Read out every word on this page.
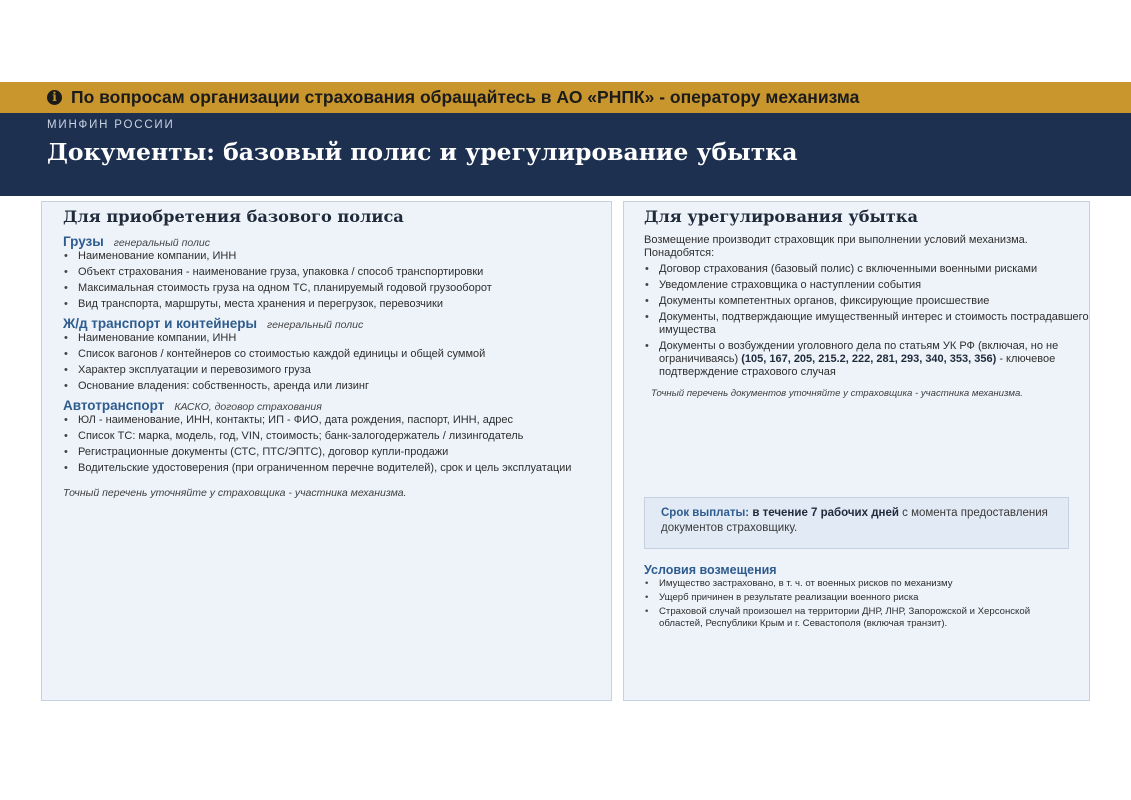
i По вопросам организации страхования обращайтесь в АО «РНПК» - оператору механизма
МИНФИН РОССИИ
Документы: базовый полис и урегулирование убытка
Для приобретения базового полиса
Грузы генеральный полис
• Наименование компании, ИНН
• Объект страхования - наименование груза, упаковка / способ транспортировки
• Максимальная стоимость груза на одном ТС, планируемый годовой грузооборот
• Вид транспорта, маршруты, места хранения и перегрузок, перевозчики
Ж/д транспорт и контейнеры генеральный полис
• Наименование компании, ИНН
• Список вагонов / контейнеров со стоимостью каждой единицы и общей суммой
• Характер эксплуатации и перевозимого груза
• Основание владения: собственность, аренда или лизинг
Автотранспорт КАСКО, договор страхования
• ЮЛ - наименование, ИНН, контакты; ИП - ФИО, дата рождения, паспорт, ИНН, адрес
• Список ТС: марка, модель, год, VIN, стоимость; банк-залогодержатель / лизингодатель
• Регистрационные документы (СТС, ПТС/ЭПТС), договор купли-продажи
• Водительские удостоверения (при ограниченном перечне водителей), срок и цель эксплуатации
Точный перечень уточняйте у страховщика - участника механизма.
Для урегулирования убытка
Возмещение производит страховщик при выполнении условий механизма. Понадобятся:
• Договор страхования (базовый полис) с включенными военными рисками
• Уведомление страховщика о наступлении события
• Документы компетентных органов, фиксирующие происшествие
• Документы, подтверждающие имущественный интерес и стоимость пострадавшего имущества
• Документы о возбуждении уголовного дела по статьям УК РФ (включая, но не ограничиваясь) (105, 167, 205, 215.2, 222, 281, 293, 340, 353, 356) - ключевое подтверждение страхового случая
Точный перечень документов уточняйте у страховщика - участника механизма.
Срок выплаты: в течение 7 рабочих дней с момента предоставления документов страховщику.
Условия возмещения
• Имущество застраховано, в т. ч. от военных рисков по механизму
• Ущерб причинен в результате реализации военного риска
• Страховой случай произошел на территории ДНР, ЛНР, Запорожской и Херсонской областей, Республики Крым и г. Севастополя (включая транзит).
